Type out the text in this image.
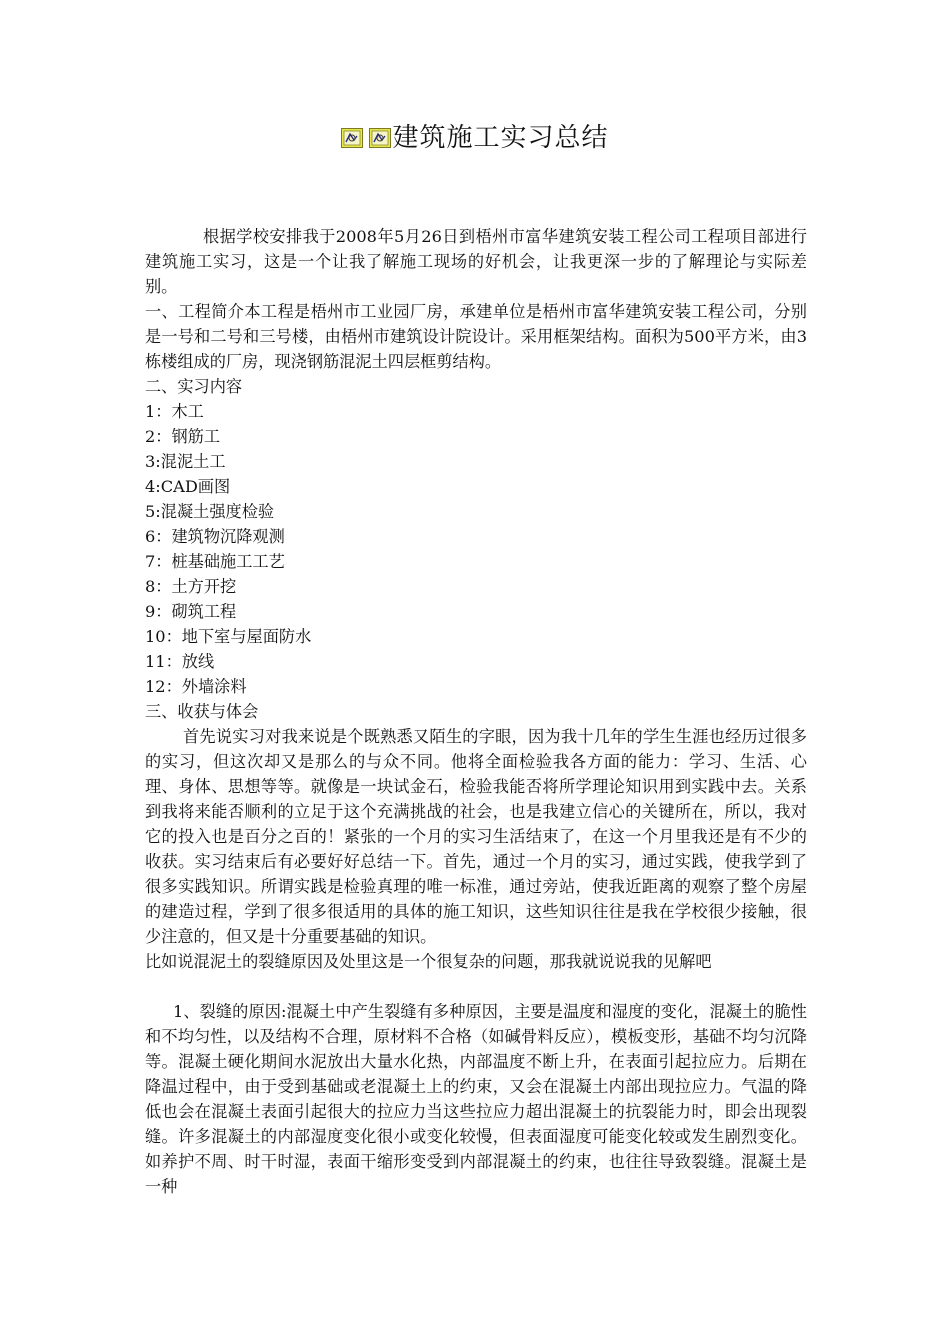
建筑施工实习总结

根据学校安排我于2008年5月26日到梧州市富华建筑安装工程公司工程项目部进行建筑施工实习，这是一个让我了解施工现场的好机会，让我更深一步的了解理论与实际差别。

一、工程简介本工程是梧州市工业园厂房，承建单位是梧州市富华建筑安装工程公司，分别是一号和二号和三号楼，由梧州市建筑设计院设计。采用框架结构。面积为500平方米，由3栋楼组成的厂房，现浇钢筋混泥土四层框剪结构。

二、实习内容

1：木工

2：钢筋工

3:混泥土工

4:CAD画图

5:混凝土强度检验

6：建筑物沉降观测

7：桩基础施工工艺

8：土方开挖

9：砌筑工程

10：地下室与屋面防水

11：放线

12：外墙涂料

三、收获与体会

首先说实习对我来说是个既熟悉又陌生的字眼，因为我十几年的学生生涯也经历过很多的实习，但这次却又是那么的与众不同。他将全面检验我各方面的能力：学习、生活、心理、身体、思想等等。就像是一块试金石，检验我能否将所学理论知识用到实践中去。关系到我将来能否顺利的立足于这个充满挑战的社会，也是我建立信心的关键所在，所以，我对它的投入也是百分之百的！紧张的一个月的实习生活结束了，在这一个月里我还是有不少的收获。实习结束后有必要好好总结一下。首先，通过一个月的实习，通过实践，使我学到了很多实践知识。所谓实践是检验真理的唯一标准，通过旁站，使我近距离的观察了整个房屋的建造过程，学到了很多很适用的具体的施工知识，这些知识往往是我在学校很少接触，很少注意的，但又是十分重要基础的知识。

比如说混泥土的裂缝原因及处里这是一个很复杂的问题，那我就说说我的见解吧

1、裂缝的原因:混凝土中产生裂缝有多种原因，主要是温度和湿度的变化，混凝土的脆性和不均匀性，以及结构不合理，原材料不合格（如碱骨料反应），模板变形，基础不均匀沉降等。混凝土硬化期间水泥放出大量水化热，内部温度不断上升，在表面引起拉应力。后期在降温过程中，由于受到基础或老混凝土上的约束，又会在混凝土内部出现拉应力。气温的降低也会在混凝土表面引起很大的拉应力当这些拉应力超出混凝土的抗裂能力时，即会出现裂缝。许多混凝土的内部湿度变化很小或变化较慢，但表面湿度可能变化较或发生剧烈变化。如养护不周、时干时湿，表面干缩形变受到内部混凝土的约束，也往往导致裂缝。混凝土是一种
